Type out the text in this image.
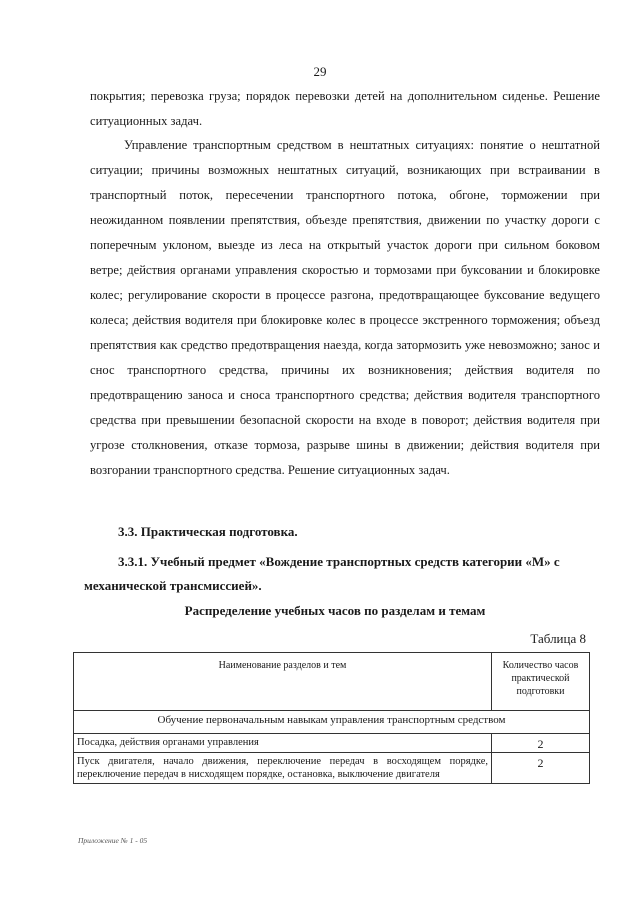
29
покрытия; перевозка груза; порядок перевозки детей на дополнительном сиденье. Решение ситуационных задач.
Управление транспортным средством в нештатных ситуациях: понятие о нештатной ситуации; причины возможных нештатных ситуаций, возникающих при встраивании в транспортный поток, пересечении транспортного потока, обгоне, торможении при неожиданном появлении препятствия, объезде препятствия, движении по участку дороги с поперечным уклоном, выезде из леса на открытый участок дороги при сильном боковом ветре; действия органами управления скоростью и тормозами при буксовании и блокировке колес; регулирование скорости в процессе разгона, предотвращающее буксование ведущего колеса; действия водителя при блокировке колес в процессе экстренного торможения; объезд препятствия как средство предотвращения наезда, когда затормозить уже невозможно; занос и снос транспортного средства, причины их возникновения; действия водителя по предотвращению заноса и сноса транспортного средства; действия водителя транспортного средства при превышении безопасной скорости на входе в поворот; действия водителя при угрозе столкновения, отказе тормоза, разрыве шины в движении; действия водителя при возгорании транспортного средства. Решение ситуационных задач.
3.3. Практическая подготовка.
3.3.1. Учебный предмет «Вождение транспортных средств категории «M» с механической трансмиссией».
Распределение учебных часов по разделам и темам
Таблица 8
Наименование разделов и тем	Количество часов практической подготовки
Обучение первоначальным навыкам управления транспортным средством	
Посадка, действия органами управления	2
Пуск двигателя, начало движения, переключение передач в восходящем порядке, переключение передач в нисходящем порядке, остановка, выключение двигателя	2
Приложение № 1 - 05
